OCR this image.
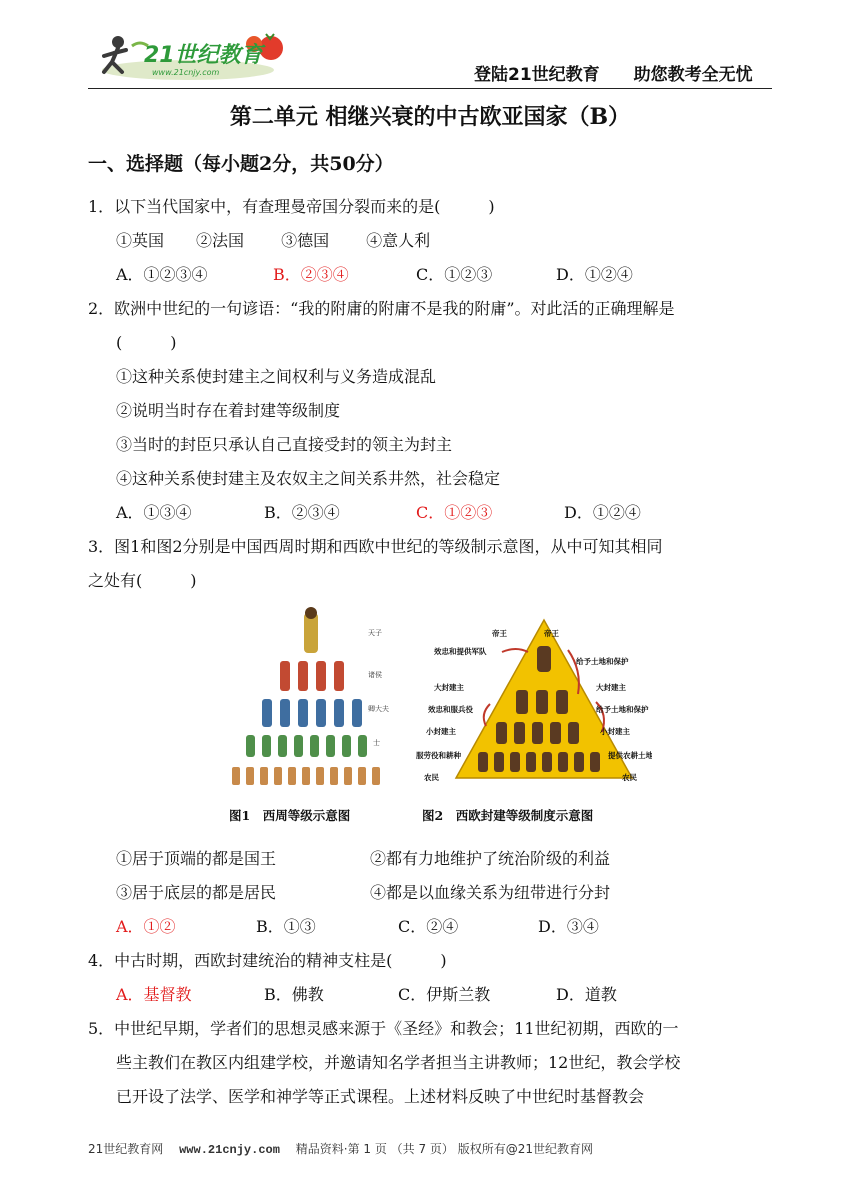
21世纪教育
www.21cnjy.com	登陆21世纪教育　　 助您教考全无忧
第二单元 相继兴衰的中古欧亚国家（B）
一、选择题（每小题2分，共50分）
1．以下当代国家中，有查理曼帝国分裂而来的是(　　　)
①英国　　②法国　　 ③德国　　 ④意人利
A．①②③④	B．②③④	C．①②③	D．①②④
2．欧洲中世纪的一句谚语：“我的附庸的附庸不是我的附庸”。对此活的正确理解是
(　　　)
①这种关系使封建主之间权利与义务造成混乱
②说明当时存在着封建等级制度
③当时的封臣只承认自己直接受封的领主为封主
④这种关系使封建主及农奴主之间关系井然，社会稳定
A．①③④	B．②③④	C．①②③	D．①②④
3．图1和图2分别是中国西周时期和西欧中世纪的等级制示意图，从中可知其相同
之处有(　　　)
天子
诸侯
卿大夫
士
帝王	帝王
效忠和提供军队
大封建主
效忠和服兵役
小封建主
服劳役和耕种
农民
给予土地和保护
大封建主
给予土地和保护
小封建主
提供农耕土地
农民
图1　西周等级示意图	图2　西欧封建等级制度示意图
①居于顶端的都是国王	②都有力地维护了统治阶级的利益
③居于底层的都是居民	④都是以血缘关系为纽带进行分封
A．①②	B．①③	C．②④	D．③④
4．中古时期，西欧封建统治的精神支柱是(　　　)
A．基督教	B．佛教	C．伊斯兰教	D．道教
5．中世纪早期，学者们的思想灵感来源于《圣经》和教会；11世纪初期，西欧的一
些主教们在教区内组建学校，并邀请知名学者担当主讲教师；12世纪，教会学校
已开设了法学、医学和神学等正式课程。上述材料反映了中世纪时基督教会
21世纪教育网　 www.21cnjy.com　 精品资料·第 1 页 （共 7 页） 版权所有@21世纪教育网
